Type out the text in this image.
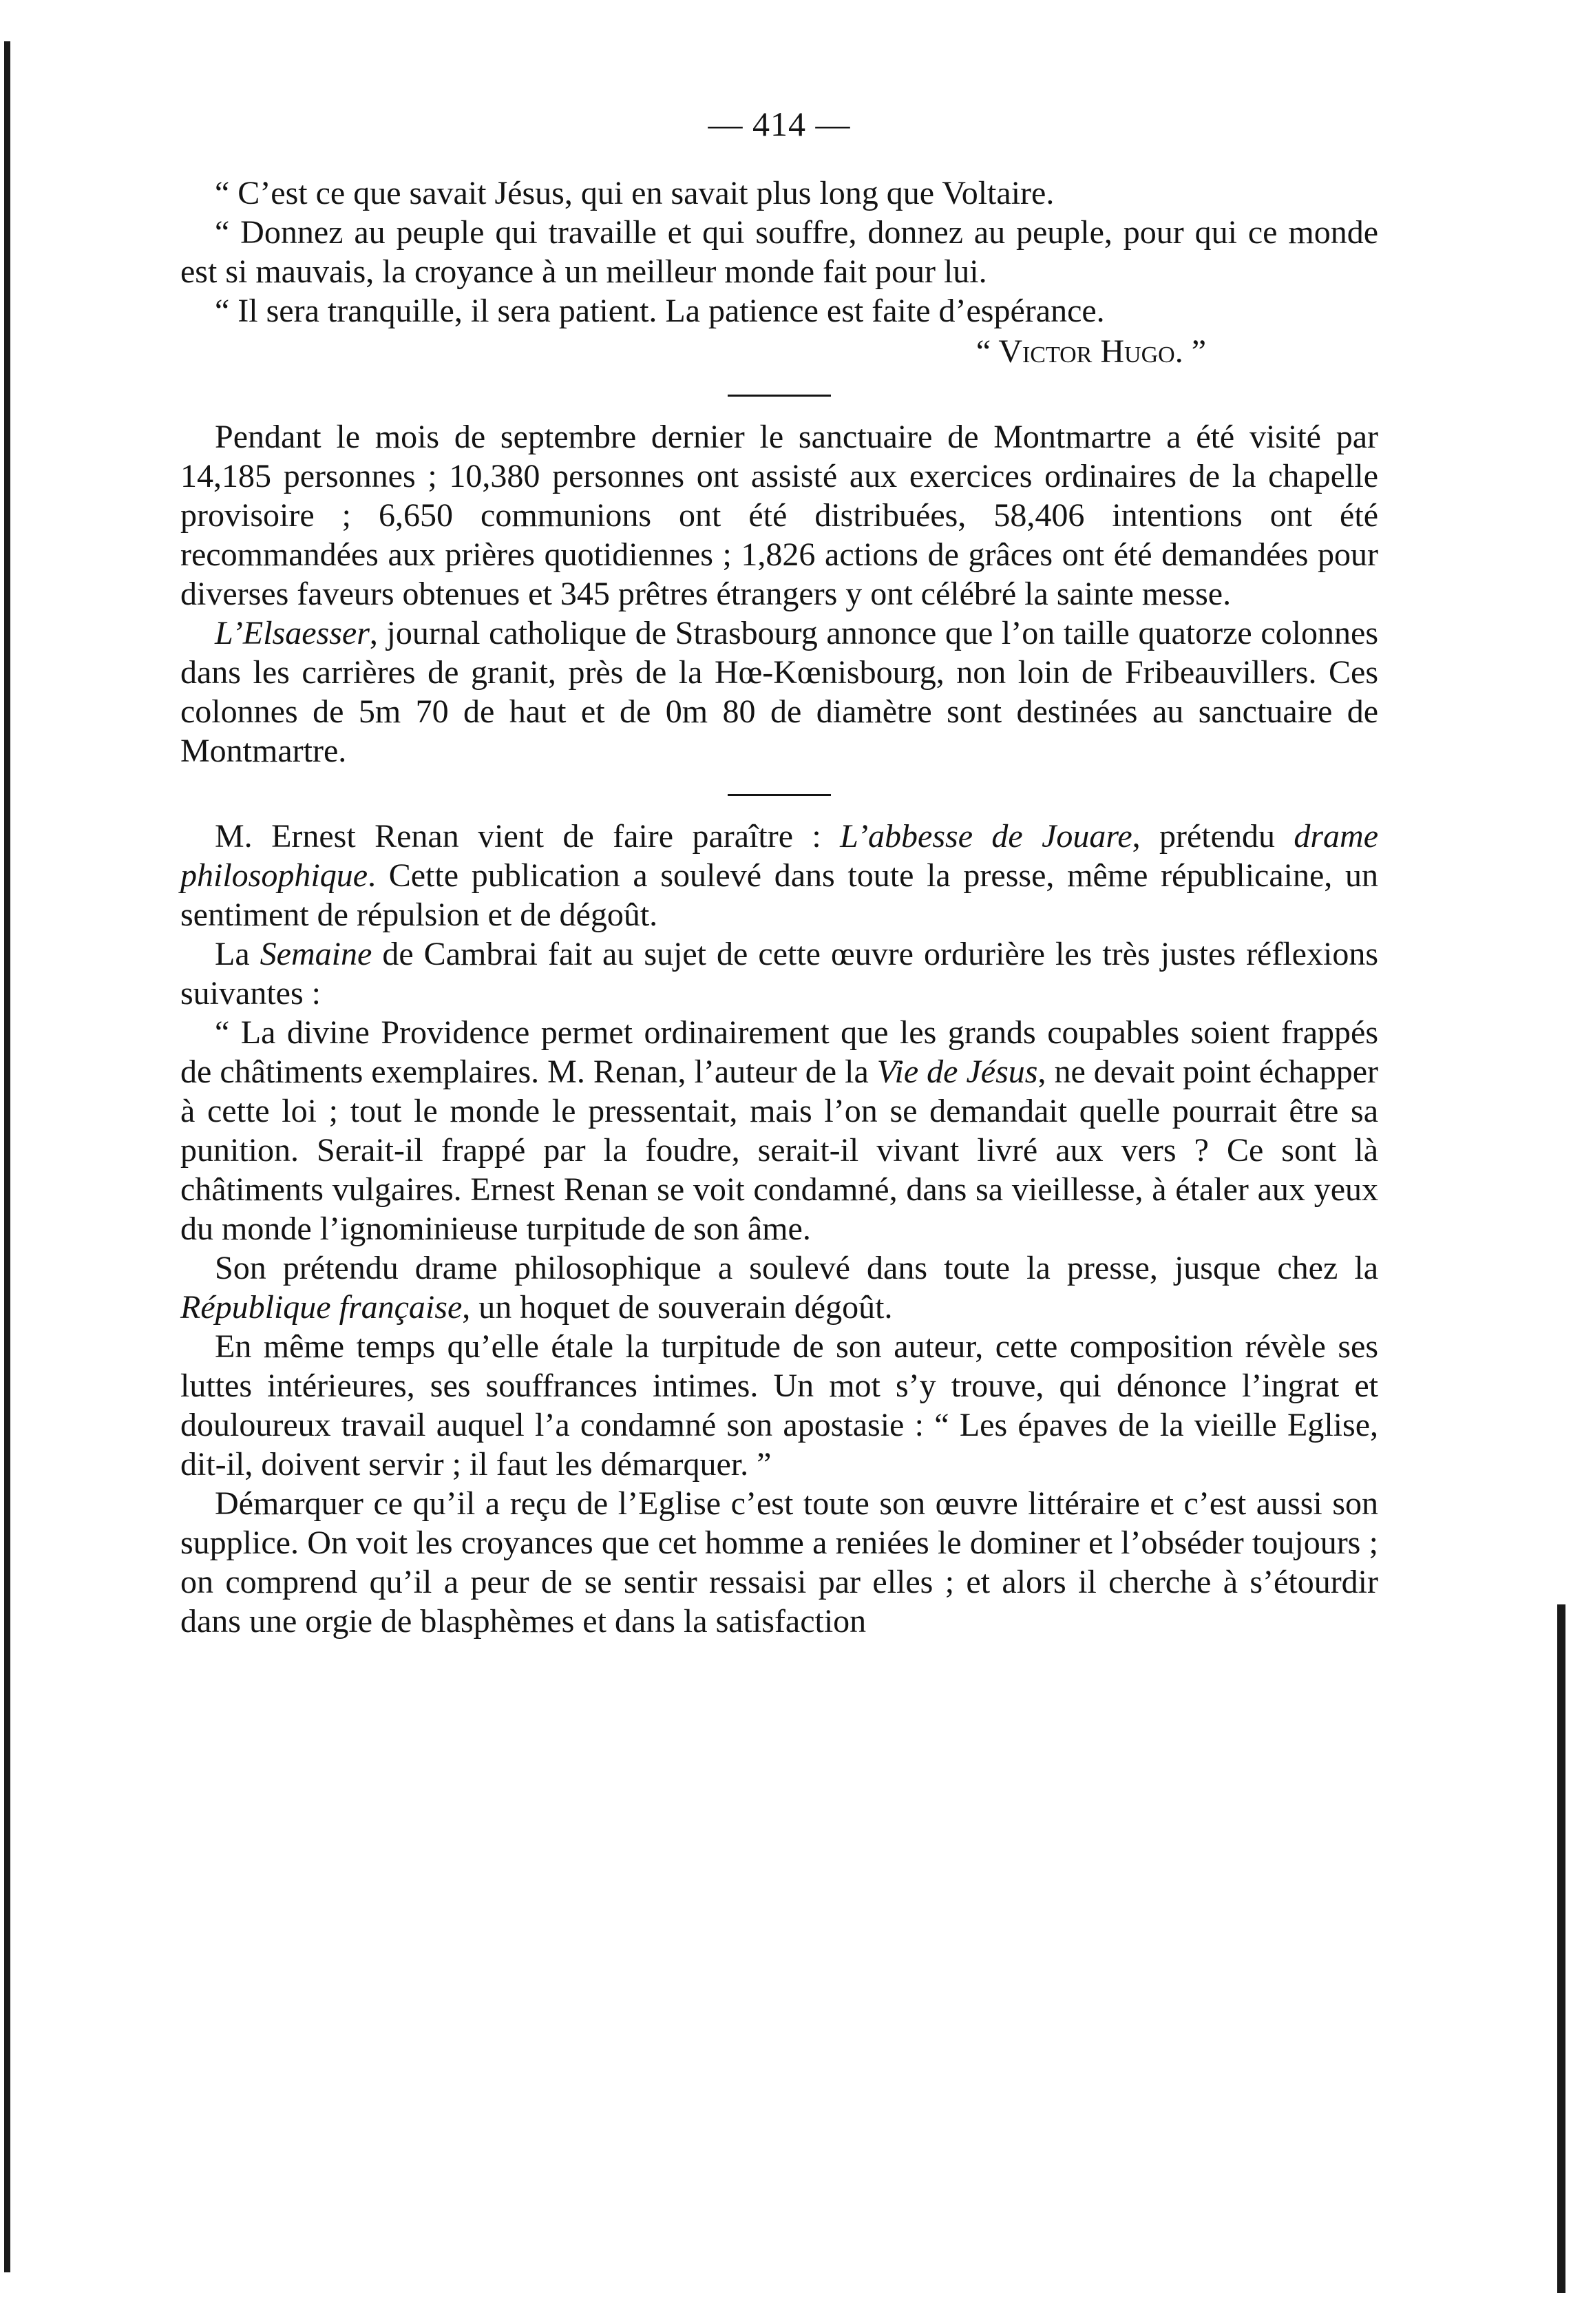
— 414 —

“ C’est ce que savait Jésus, qui en savait plus long que Voltaire.

“ Donnez au peuple qui travaille et qui souffre, donnez au peuple, pour qui ce monde est si mauvais, la croyance à un meilleur monde fait pour lui.

“ Il sera tranquille, il sera patient. La patience est faite d’espérance.

“ Victor Hugo. ”

Pendant le mois de septembre dernier le sanctuaire de Montmartre a été visité par 14,185 personnes ; 10,380 personnes ont assisté aux exercices ordinaires de la chapelle provisoire ; 6,650 communions ont été distribuées, 58,406 intentions ont été recommandées aux prières quotidiennes ; 1,826 actions de grâces ont été demandées pour diverses faveurs obtenues et 345 prêtres étrangers y ont célébré la sainte messe.

L’Elsaesser, journal catholique de Strasbourg annonce que l’on taille quatorze colonnes dans les carrières de granit, près de la Hœ-Kœnisbourg, non loin de Fribeauvillers. Ces colonnes de 5m 70 de haut et de 0m 80 de diamètre sont destinées au sanctuaire de Montmartre.

M. Ernest Renan vient de faire paraître : L’abbesse de Jouare, prétendu drame philosophique. Cette publication a soulevé dans toute la presse, même républicaine, un sentiment de répulsion et de dégoût.

La Semaine de Cambrai fait au sujet de cette œuvre ordurière les très justes réflexions suivantes :

“ La divine Providence permet ordinairement que les grands coupables soient frappés de châtiments exemplaires. M. Renan, l’auteur de la Vie de Jésus, ne devait point échapper à cette loi ; tout le monde le pressentait, mais l’on se demandait quelle pourrait être sa punition. Serait-il frappé par la foudre, serait-il vivant livré aux vers ? Ce sont là châtiments vulgaires. Ernest Renan se voit condamné, dans sa vieillesse, à étaler aux yeux du monde l’ignominieuse turpitude de son âme.

Son prétendu drame philosophique a soulevé dans toute la presse, jusque chez la République française, un hoquet de souverain dégoût.

En même temps qu’elle étale la turpitude de son auteur, cette composition révèle ses luttes intérieures, ses souffrances intimes. Un mot s’y trouve, qui dénonce l’ingrat et douloureux travail auquel l’a condamné son apostasie : “ Les épaves de la vieille Eglise, dit-il, doivent servir ; il faut les démarquer. ”

Démarquer ce qu’il a reçu de l’Eglise c’est toute son œuvre littéraire et c’est aussi son supplice. On voit les croyances que cet homme a reniées le dominer et l’obséder toujours ; on comprend qu’il a peur de se sentir ressaisi par elles ; et alors il cherche à s’étourdir dans une orgie de blasphèmes et dans la satisfaction
